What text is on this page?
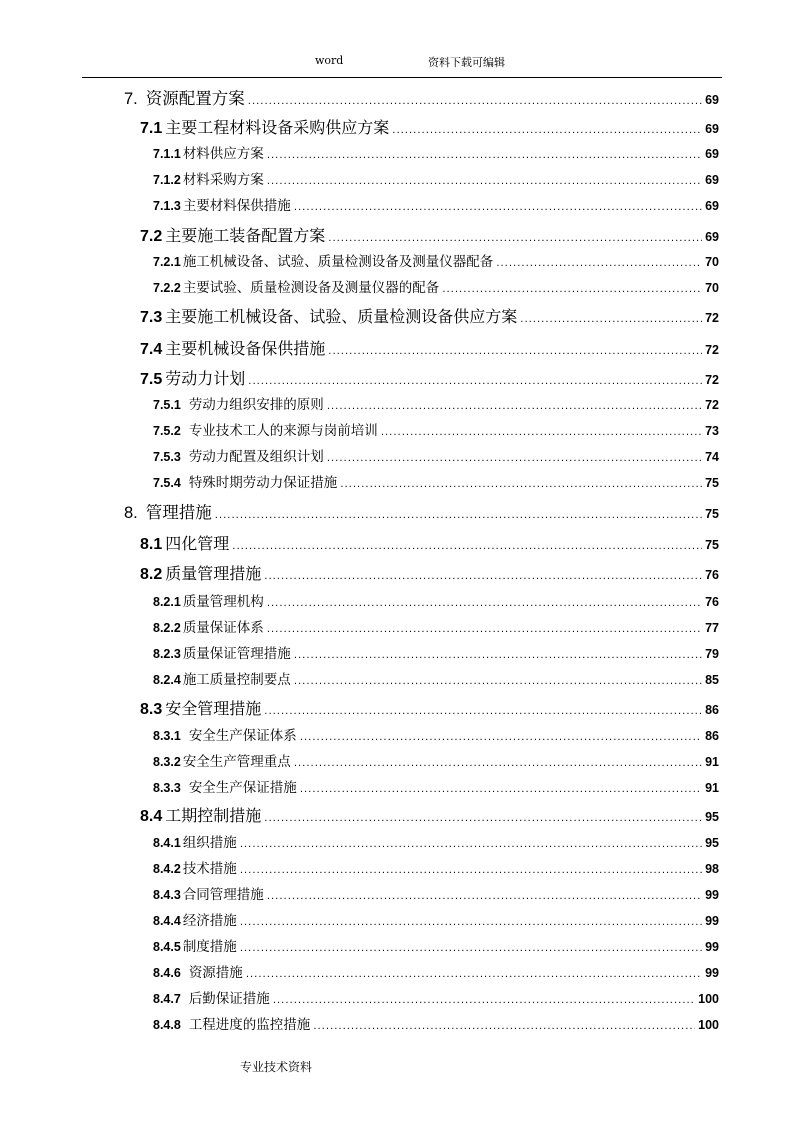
word	资料下载可编辑
7. 资源配置方案 .....	69
7.1 主要工程材料设备采购供应方案 .....	69
7.1.1 材料供应方案 .....	69
7.1.2 材料采购方案 .....	69
7.1.3 主要材料保供措施 .....	69
7.2 主要施工装备配置方案 .....	69
7.2.1 施工机械设备、试验、质量检测设备及测量仪器配备 .....	70
7.2.2 主要试验、质量检测设备及测量仪器的配备 .....	70
7.3 主要施工机械设备、试验、质量检测设备供应方案 .....	72
7.4 主要机械设备保供措施 .....	72
7.5 劳动力计划 .....	72
7.5.1 劳动力组织安排的原则 .....	72
7.5.2 专业技术工人的来源与岗前培训 .....	73
7.5.3 劳动力配置及组织计划 .....	74
7.5.4 特殊时期劳动力保证措施 .....	75
8. 管理措施 .....	75
8.1 四化管理 .....	75
8.2 质量管理措施 .....	76
8.2.1 质量管理机构 .....	76
8.2.2 质量保证体系 .....	77
8.2.3 质量保证管理措施 .....	79
8.2.4 施工质量控制要点 .....	85
8.3 安全管理措施 .....	86
8.3.1 安全生产保证体系 .....	86
8.3.2 安全生产管理重点 .....	91
8.3.3 安全生产保证措施 .....	91
8.4 工期控制措施 .....	95
8.4.1 组织措施 .....	95
8.4.2 技术措施 .....	98
8.4.3 合同管理措施 .....	99
8.4.4 经济措施 .....	99
8.4.5 制度措施 .....	99
8.4.6 资源措施 .....	99
8.4.7 后勤保证措施 .....	100
8.4.8 工程进度的监控措施 .....	100
专业技术资料
